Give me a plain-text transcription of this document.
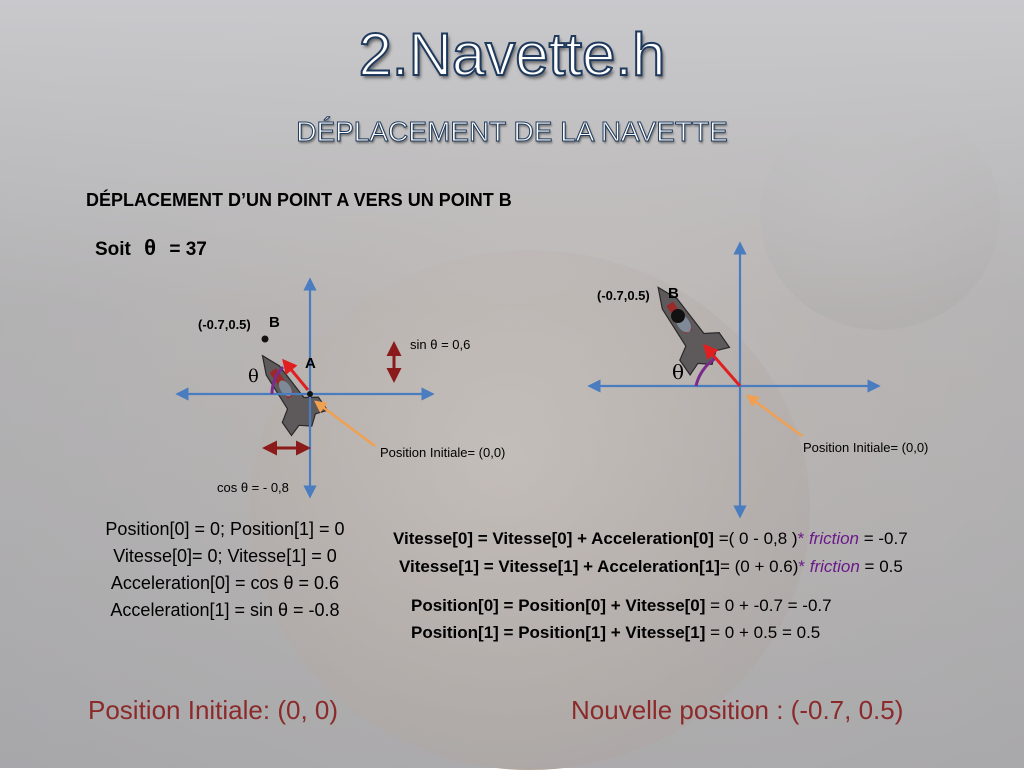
2.Navette.h
DÉPLACEMENT DE LA NAVETTE
DÉPLACEMENT D’UN POINT A VERS UN POINT B
Soit θ = 37
(-0.7,0.5) B
A
θ
sin θ = 0,6
cos θ = - 0,8
Position Initiale= (0,0)
(-0.7,0.5) B
θ
Position Initiale= (0,0)
Position[0] = 0; Position[1] = 0
Vitesse[0]= 0; Vitesse[1] = 0
Acceleration[0] = cos θ = 0.6
Acceleration[1] = sin θ = -0.8
Vitesse[0] = Vitesse[0] + Acceleration[0] =( 0 - 0,8 )* friction = -0.7
Vitesse[1] = Vitesse[1] + Acceleration[1]= (0 + 0.6)* friction = 0.5
Position[0] = Position[0] + Vitesse[0] = 0 + -0.7 = -0.7
Position[1] = Position[1] + Vitesse[1] = 0 + 0.5 = 0.5
Position Initiale: (0, 0)	Nouvelle position : (-0.7, 0.5)
